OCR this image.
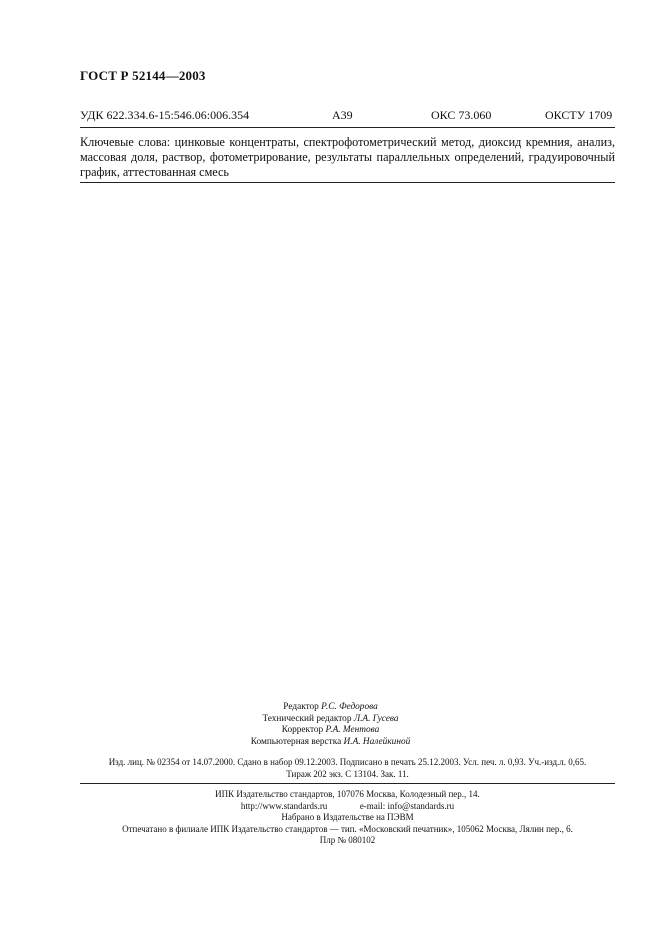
ГОСТ Р 52144—2003
УДК 622.334.6-15:546.06:006.354	А39	ОКС 73.060	ОКСТУ 1709
Ключевые слова: цинковые концентраты, спектрофотометрический метод, диоксид кремния, анализ, массовая доля, раствор, фотометрирование, результаты параллельных определений, градуировочный график, аттестованная смесь
Редактор Р.С. Федорова
Технический редактор Л.А. Гусева
Корректор Р.А. Ментова
Компьютерная верстка И.А. Налейкиной
Изд. лиц. № 02354 от 14.07.2000. Сдано в набор 09.12.2003. Подписано в печать 25.12.2003. Усл. печ. л. 0,93. Уч.-изд.л. 0,65.
Тираж 202 экз. С 13104. Зак. 11.
ИПК Издательство стандартов, 107076 Москва, Колодезный пер., 14.
http://www.standards.ru	e-mail: info@standards.ru
Набрано в Издательстве на ПЭВМ
Отпечатано в филиале ИПК Издательство стандартов — тип. «Московский печатник», 105062 Москва, Лялин пер., 6.
Плр № 080102
